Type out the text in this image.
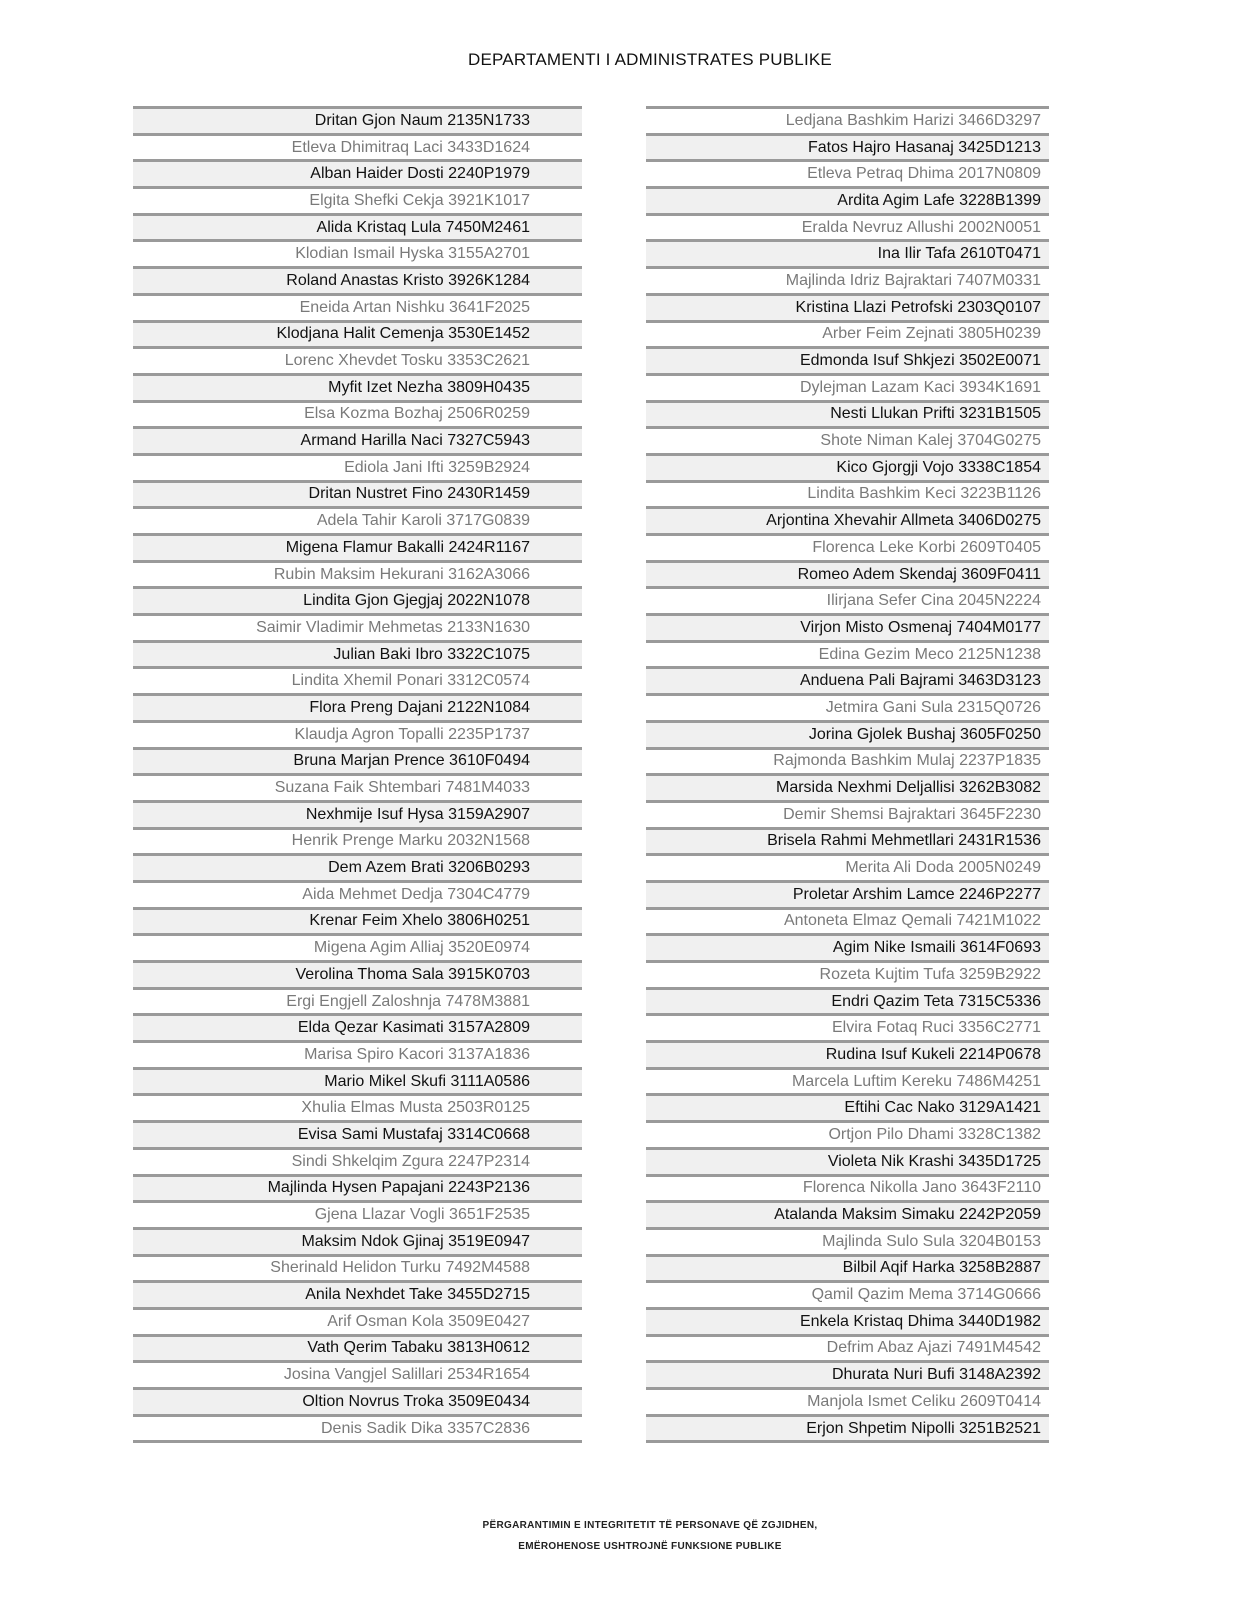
DEPARTAMENTI I ADMINISTRATES PUBLIKE
Dritan Gjon Naum 2135N1733
Etleva Dhimitraq Laci 3433D1624
Alban Haider Dosti 2240P1979
Elgita Shefki Cekja 3921K1017
Alida Kristaq Lula 7450M2461
Klodian Ismail Hyska 3155A2701
Roland Anastas Kristo 3926K1284
Eneida Artan Nishku 3641F2025
Klodjana Halit Cemenja 3530E1452
Lorenc Xhevdet Tosku 3353C2621
Myfit Izet Nezha 3809H0435
Elsa Kozma Bozhaj 2506R0259
Armand Harilla Naci 7327C5943
Ediola Jani Ifti 3259B2924
Dritan Nustret Fino 2430R1459
Adela Tahir Karoli 3717G0839
Migena Flamur Bakalli 2424R1167
Rubin Maksim Hekurani 3162A3066
Lindita Gjon Gjegjaj 2022N1078
Saimir Vladimir Mehmetas 2133N1630
Julian Baki Ibro 3322C1075
Lindita Xhemil Ponari 3312C0574
Flora Preng Dajani 2122N1084
Klaudja Agron Topalli 2235P1737
Bruna Marjan Prence 3610F0494
Suzana Faik Shtembari 7481M4033
Nexhmije Isuf Hysa 3159A2907
Henrik Prenge Marku 2032N1568
Dem Azem Brati 3206B0293
Aida Mehmet Dedja 7304C4779
Krenar Feim Xhelo 3806H0251
Migena Agim Alliaj 3520E0974
Verolina Thoma Sala 3915K0703
Ergi Engjell Zaloshnja 7478M3881
Elda Qezar Kasimati 3157A2809
Marisa Spiro Kacori 3137A1836
Mario Mikel Skufi 3111A0586
Xhulia Elmas Musta 2503R0125
Evisa Sami Mustafaj 3314C0668
Sindi Shkelqim Zgura 2247P2314
Majlinda Hysen Papajani 2243P2136
Gjena Llazar Vogli 3651F2535
Maksim Ndok Gjinaj 3519E0947
Sherinald Helidon Turku 7492M4588
Anila Nexhdet Take 3455D2715
Arif Osman Kola 3509E0427
Vath Qerim Tabaku 3813H0612
Josina Vangjel Salillari 2534R1654
Oltion Novrus Troka 3509E0434
Denis Sadik Dika 3357C2836
Ledjana Bashkim Harizi 3466D3297
Fatos Hajro Hasanaj 3425D1213
Etleva Petraq Dhima 2017N0809
Ardita Agim Lafe 3228B1399
Eralda Nevruz Allushi 2002N0051
Ina Ilir Tafa 2610T0471
Majlinda Idriz Bajraktari 7407M0331
Kristina Llazi Petrofski 2303Q0107
Arber Feim Zejnati 3805H0239
Edmonda Isuf Shkjezi 3502E0071
Dylejman Lazam Kaci 3934K1691
Nesti Llukan Prifti 3231B1505
Shote Niman Kalej 3704G0275
Kico Gjorgji Vojo 3338C1854
Lindita Bashkim Keci 3223B1126
Arjontina Xhevahir Allmeta 3406D0275
Florenca Leke Korbi 2609T0405
Romeo Adem Skendaj 3609F0411
Ilirjana Sefer Cina 2045N2224
Virjon Misto Osmenaj 7404M0177
Edina Gezim Meco 2125N1238
Anduena Pali Bajrami 3463D3123
Jetmira Gani Sula 2315Q0726
Jorina Gjolek Bushaj 3605F0250
Rajmonda Bashkim Mulaj 2237P1835
Marsida Nexhmi Deljallisi 3262B3082
Demir Shemsi Bajraktari 3645F2230
Brisela Rahmi Mehmetllari 2431R1536
Merita Ali Doda 2005N0249
Proletar Arshim Lamce 2246P2277
Antoneta Elmaz Qemali 7421M1022
Agim Nike Ismaili 3614F0693
Rozeta Kujtim Tufa 3259B2922
Endri Qazim Teta 7315C5336
Elvira Fotaq Ruci 3356C2771
Rudina Isuf Kukeli 2214P0678
Marcela Luftim Kereku 7486M4251
Eftihi Cac Nako 3129A1421
Ortjon Pilo Dhami 3328C1382
Violeta Nik Krashi 3435D1725
Florenca Nikolla Jano 3643F2110
Atalanda Maksim Simaku 2242P2059
Majlinda Sulo Sula 3204B0153
Bilbil Aqif Harka 3258B2887
Qamil Qazim Mema 3714G0666
Enkela Kristaq Dhima 3440D1982
Defrim Abaz Ajazi 7491M4542
Dhurata Nuri Bufi 3148A2392
Manjola Ismet Celiku 2609T0414
Erjon Shpetim Nipolli 3251B2521
PËRGARANTIMIN E INTEGRITETIT TË PERSONAVE QË ZGJIDHEN,
EMËROHENOSE USHTROJNË FUNKSIONE PUBLIKE
